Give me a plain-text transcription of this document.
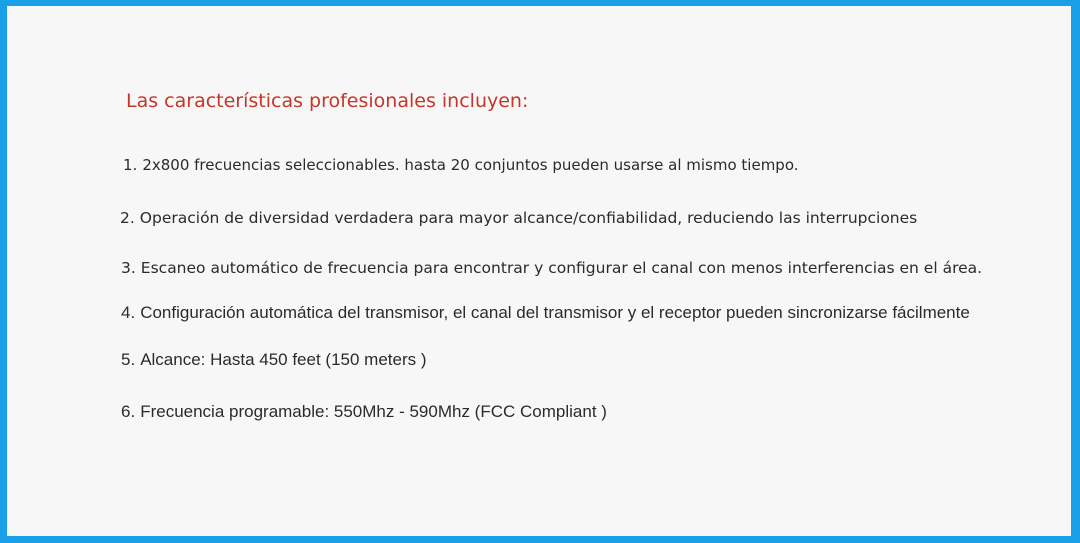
Las características profesionales incluyen:

1. 2x800 frecuencias seleccionables. hasta 20 conjuntos pueden usarse al mismo tiempo.

2. Operación de diversidad verdadera para mayor alcance/confiabilidad, reduciendo las interrupciones

3. Escaneo automático de frecuencia para encontrar y configurar el canal con menos interferencias en el área.

4. Configuración automática del transmisor, el canal del transmisor y el receptor pueden sincronizarse fácilmente

5. Alcance: Hasta 450 feet (150 meters )

6. Frecuencia programable: 550Mhz - 590Mhz (FCC Compliant )
